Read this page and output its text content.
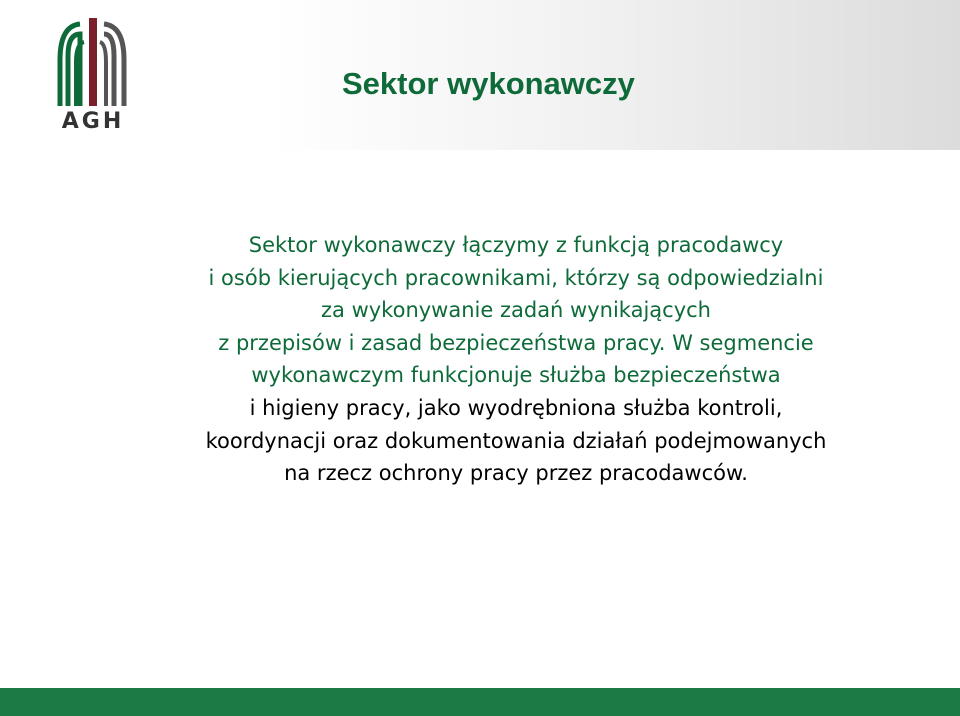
AGH
Sektor wykonawczy
Sektor wykonawczy łączymy z funkcją pracodawcy
i osób kierujących pracownikami, którzy są odpowiedzialni
za wykonywanie zadań wynikających
z przepisów i zasad bezpieczeństwa pracy. W segmencie
wykonawczym funkcjonuje służba bezpieczeństwa
i higieny pracy, jako wyodrębniona służba kontroli,
koordynacji oraz dokumentowania działań podejmowanych
na rzecz ochrony pracy przez pracodawców.
